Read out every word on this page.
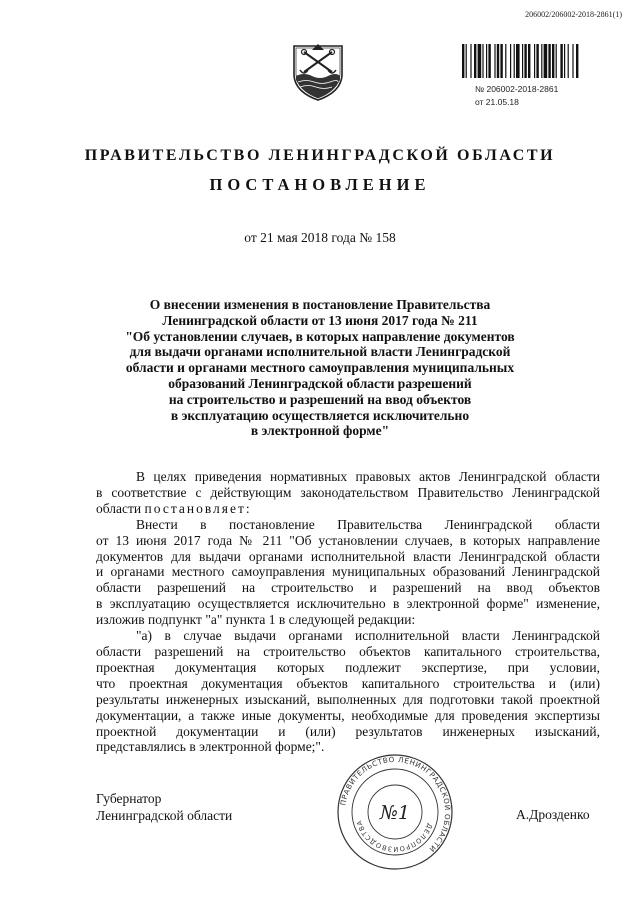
206002/206002-2018-2861(1)
№ 206002-2018-2861
от 21.05.18
ПРАВИТЕЛЬСТВО ЛЕНИНГРАДСКОЙ ОБЛАСТИ
ПОСТАНОВЛЕНИЕ
от 21 мая 2018 года № 158
О внесении изменения в постановление Правительства
Ленинградской области от 13 июня 2017 года № 211
"Об установлении случаев, в которых направление документов
для выдачи органами исполнительной власти Ленинградской
области и органами местного самоуправления муниципальных
образований Ленинградской области разрешений
на строительство и разрешений на ввод объектов
в эксплуатацию осуществляется исключительно
в электронной форме"
В целях приведения нормативных правовых актов Ленинградской области
в соответствие с действующим законодательством Правительство Ленинградской
области постановляет:
Внести в постановление Правительства Ленинградской области
от 13 июня 2017 года № 211 "Об установлении случаев, в которых направление
документов для выдачи органами исполнительной власти Ленинградской области
и органами местного самоуправления муниципальных образований Ленинградской
области разрешений на строительство и разрешений на ввод объектов
в эксплуатацию осуществляется исключительно в электронной форме" изменение,
изложив подпункт "а" пункта 1 в следующей редакции:
"а) в случае выдачи органами исполнительной власти Ленинградской
области разрешений на строительство объектов капитального строительства,
проектная документация которых подлежит экспертизе, при условии,
что проектная документация объектов капитального строительства и (или)
результаты инженерных изысканий, выполненных для подготовки такой проектной
документации, а также иные документы, необходимые для проведения экспертизы
проектной документации и (или) результатов инженерных изысканий,
представлялись в электронной форме;".
ПРАВИТЕЛЬСТВО ЛЕНИНГРАДСКОЙ ОБЛАСТИ
ДЕЛОПРОИЗВОДСТВА №1
Губернатор
Ленинградской области	А.Дрозденко
